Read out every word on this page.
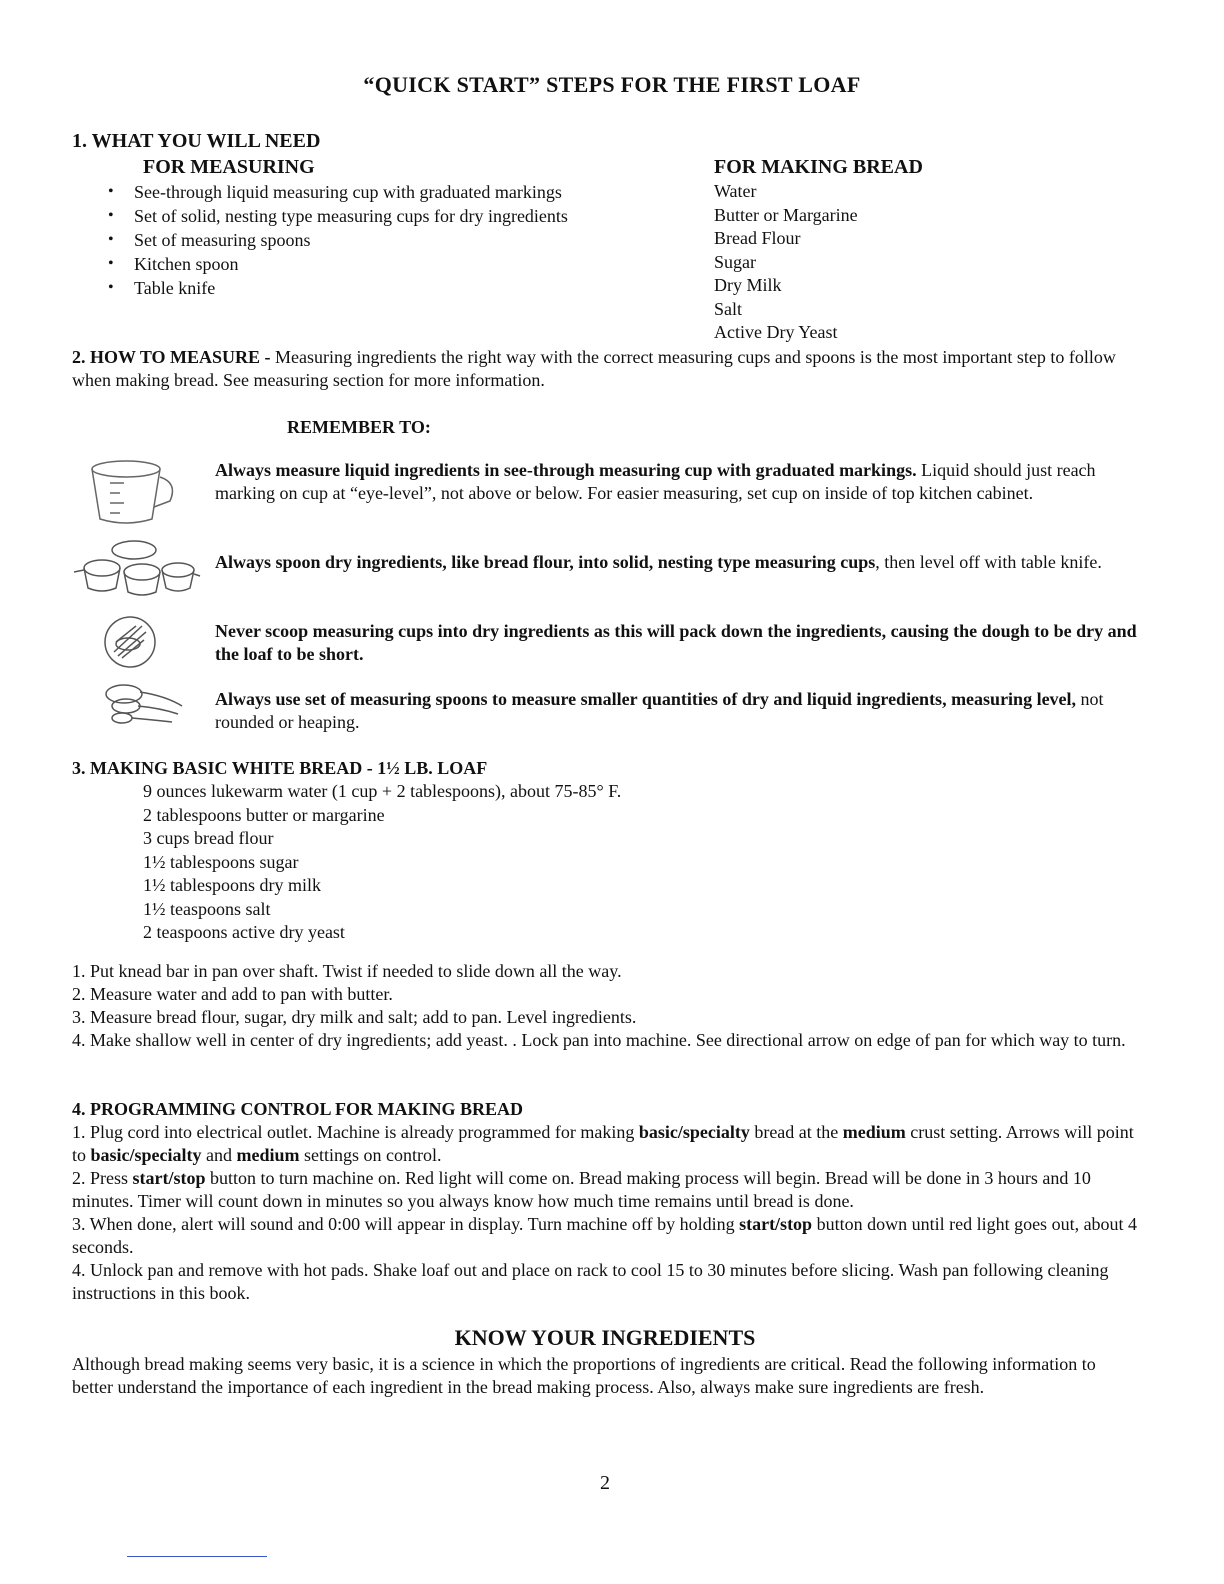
“QUICK START” STEPS FOR THE FIRST LOAF
1. WHAT YOU WILL NEED
FOR MEASURING	FOR MAKING BREAD
• See-through liquid measuring cup with graduated markings
• Set of solid, nesting type measuring cups for dry ingredients
• Set of measuring spoons
• Kitchen spoon
• Table knife
Water
Butter or Margarine
Bread Flour
Sugar
Dry Milk
Salt
Active Dry Yeast

2. HOW TO MEASURE - Measuring ingredients the right way with the correct measuring cups and spoons is the most important step to follow when making bread. See measuring section for more information.

REMEMBER TO:
Always measure liquid ingredients in see-through measuring cup with graduated markings. Liquid should just reach marking on cup at “eye-level”, not above or below. For easier measuring, set cup on inside of top kitchen cabinet.
Always spoon dry ingredients, like bread flour, into solid, nesting type measuring cups, then level off with table knife.
Never scoop measuring cups into dry ingredients as this will pack down the ingredients, causing the dough to be dry and the loaf to be short.
Always use set of measuring spoons to measure smaller quantities of dry and liquid ingredients, measuring level, not rounded or heaping.
3. MAKING BASIC WHITE BREAD - 1½ LB. LOAF
9 ounces lukewarm water (1 cup + 2 tablespoons), about 75-85° F.
2 tablespoons butter or margarine
3 cups bread flour
1½ tablespoons sugar
1½ tablespoons dry milk
1½ teaspoons salt
2 teaspoons active dry yeast

1. Put knead bar in pan over shaft. Twist if needed to slide down all the way.

2. Measure water and add to pan with butter.

3. Measure bread flour, sugar, dry milk and salt; add to pan. Level ingredients.

4. Make shallow well in center of dry ingredients; add yeast. . Lock pan into machine. See directional arrow on edge of pan for which way to turn.

4. PROGRAMMING CONTROL FOR MAKING BREAD

1. Plug cord into electrical outlet. Machine is already programmed for making basic/specialty bread at the medium crust setting. Arrows will point to basic/specialty and medium settings on control.

2. Press start/stop button to turn machine on. Red light will come on. Bread making process will begin. Bread will be done in 3 hours and 10 minutes. Timer will count down in minutes so you always know how much time remains until bread is done.

3. When done, alert will sound and 0:00 will appear in display. Turn machine off by holding start/stop button down until red light goes out, about 4 seconds.

4. Unlock pan and remove with hot pads. Shake loaf out and place on rack to cool 15 to 30 minutes before slicing. Wash pan following cleaning instructions in this book.

KNOW YOUR INGREDIENTS

Although bread making seems very basic, it is a science in which the proportions of ingredients are critical. Read the following information to better understand the importance of each ingredient in the bread making process. Also, always make sure ingredients are fresh.

2
